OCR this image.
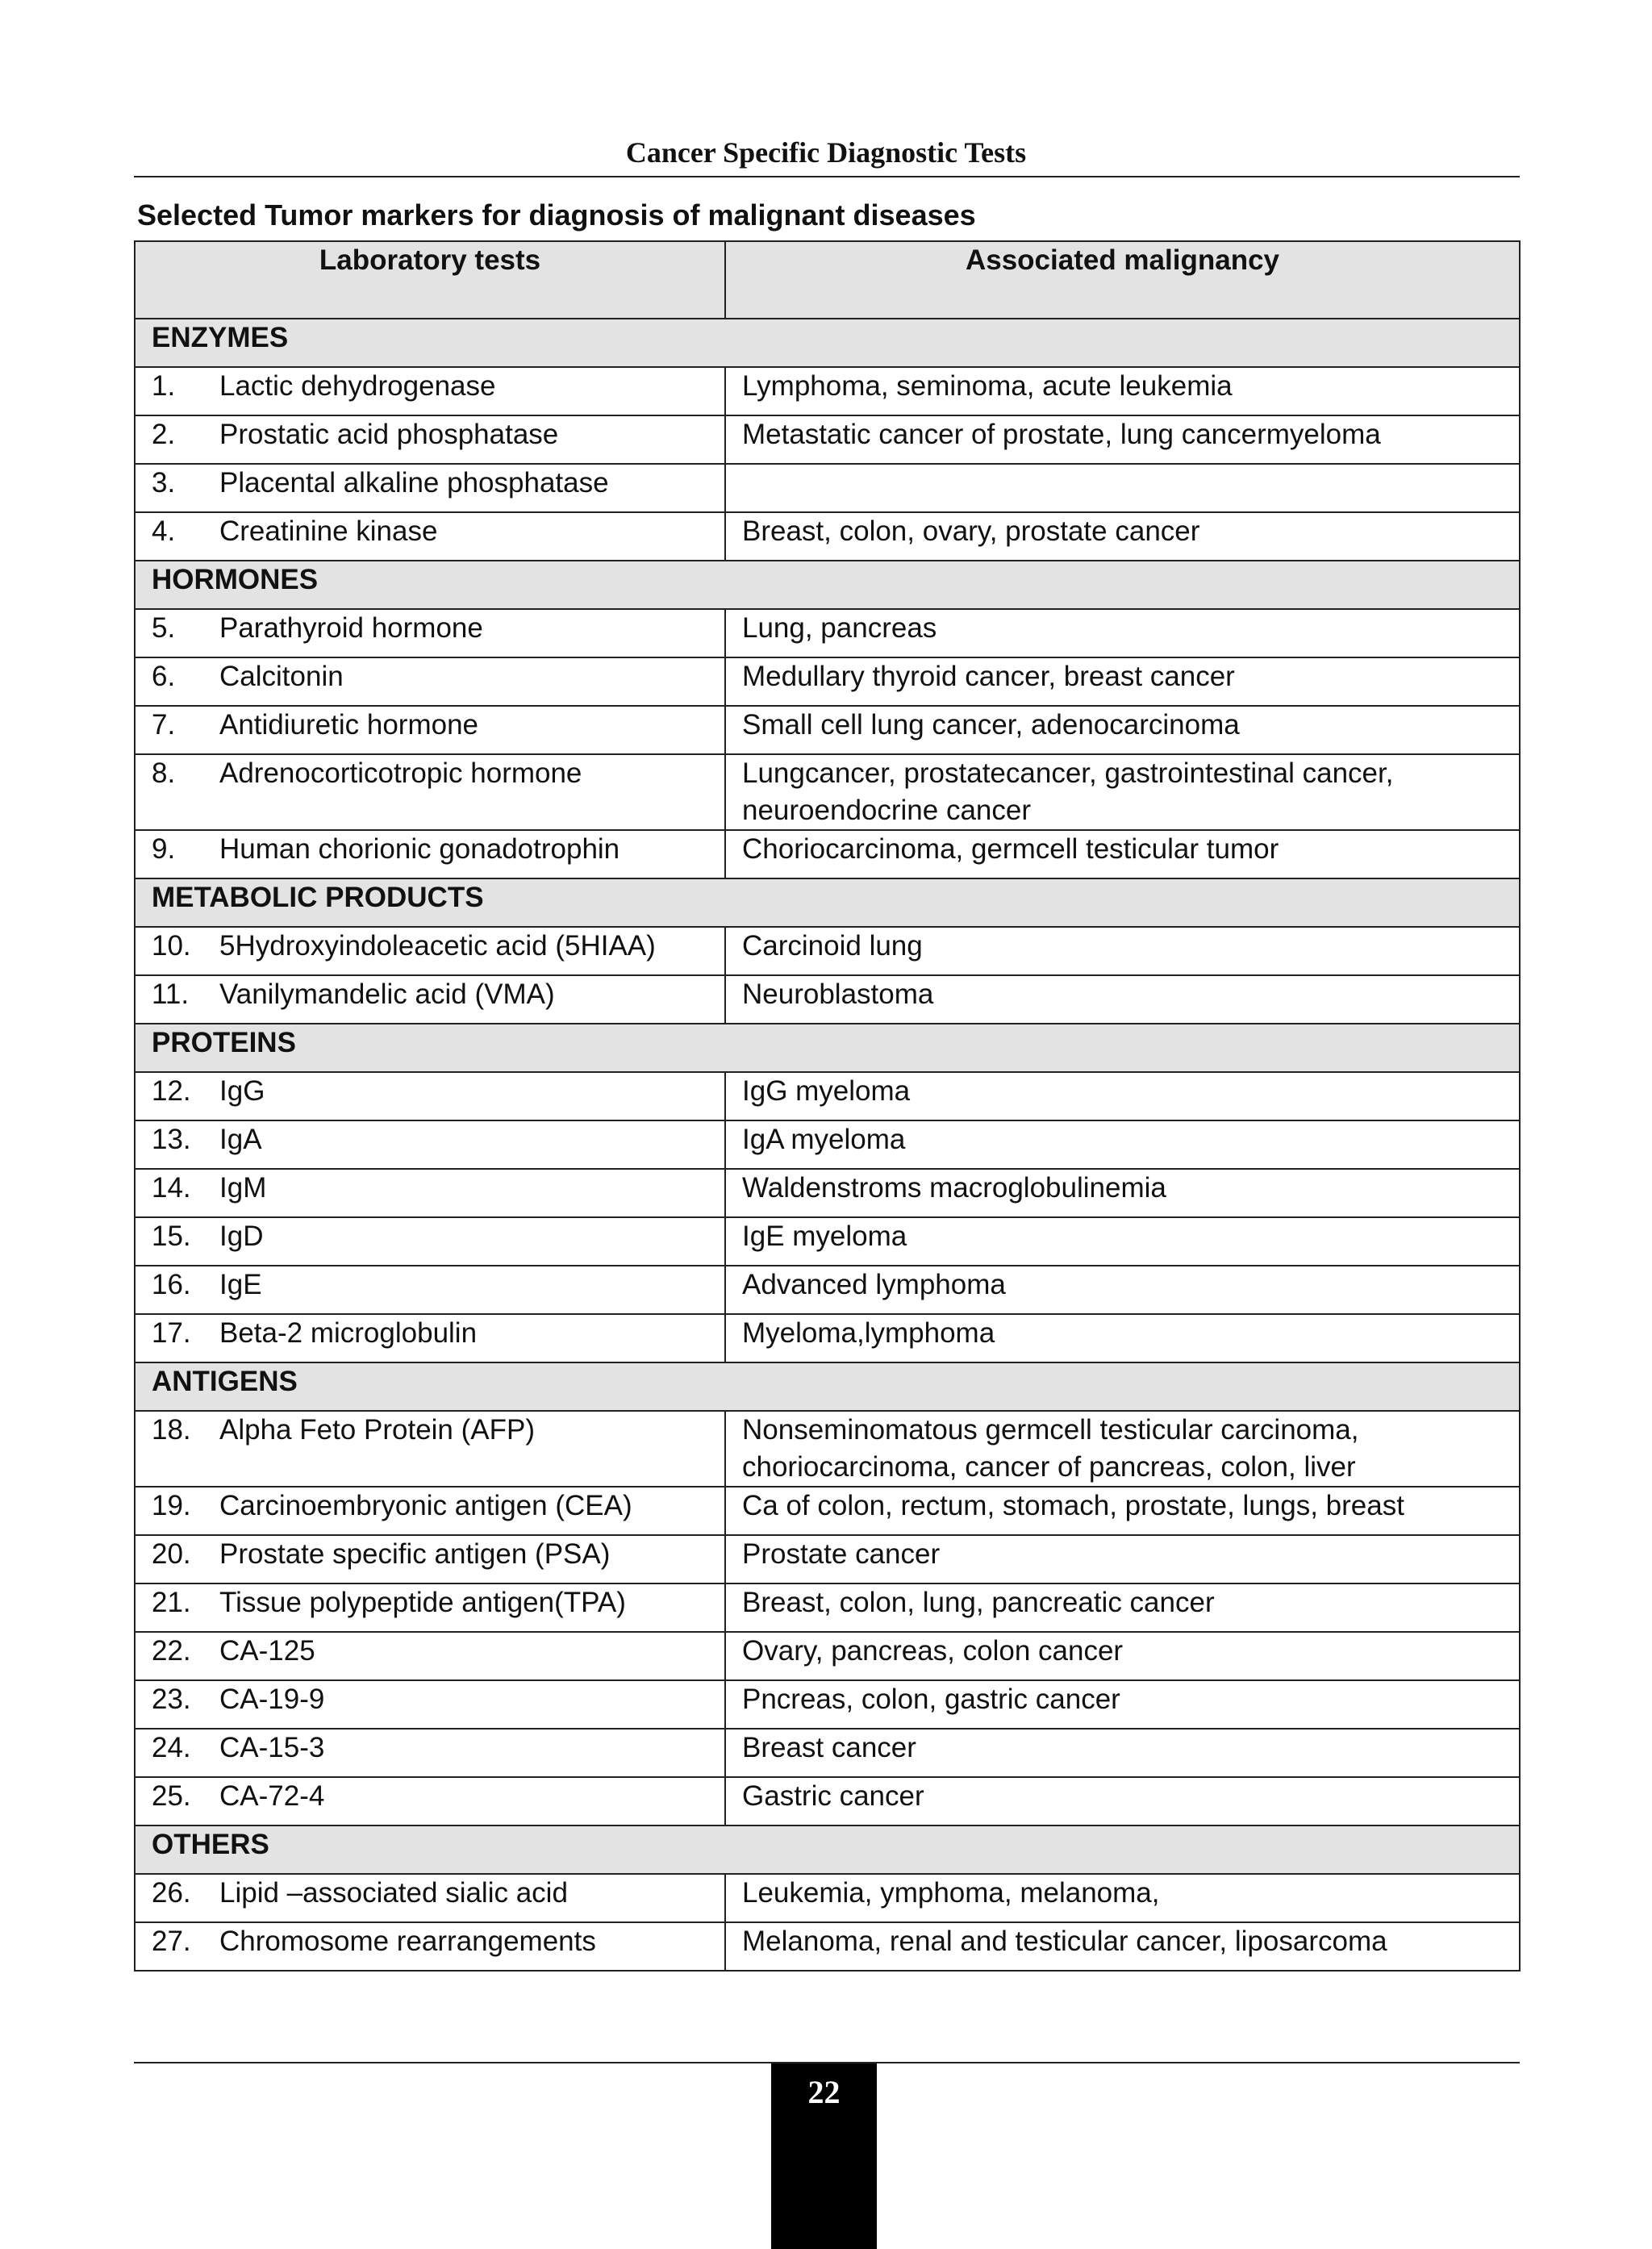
Cancer Specific Diagnostic Tests
Selected Tumor markers for diagnosis of malignant diseases
Laboratory tests	Associated malignancy
ENZYMES	
1. Lactic dehydrogenase	Lymphoma, seminoma, acute leukemia
2. Prostatic acid phosphatase	Metastatic cancer of prostate, lung cancermyeloma
3. Placental alkaline phosphatase	
4. Creatinine kinase	Breast, colon, ovary, prostate cancer
HORMONES	
5. Parathyroid hormone	Lung, pancreas
6. Calcitonin	Medullary thyroid cancer, breast cancer
7. Antidiuretic hormone	Small cell lung cancer, adenocarcinoma
8. Adrenocorticotropic hormone	Lungcancer, prostatecancer, gastrointestinal cancer, neuroendocrine cancer
9. Human chorionic gonadotrophin	Choriocarcinoma, germcell testicular tumor
METABOLIC PRODUCTS	
10. 5Hydroxyindoleacetic acid (5HIAA)	Carcinoid lung
11. Vanilymandelic acid (VMA)	Neuroblastoma
PROTEINS	
12. IgG	IgG myeloma
13. IgA	IgA myeloma
14. IgM	Waldenstroms macroglobulinemia
15. IgD	IgE myeloma
16. IgE	Advanced lymphoma
17. Beta-2 microglobulin	Myeloma,lymphoma
ANTIGENS	
18. Alpha Feto Protein (AFP)	Nonseminomatous germcell testicular carcinoma, choriocarcinoma, cancer of pancreas, colon, liver
19. Carcinoembryonic antigen (CEA)	Ca of colon, rectum, stomach, prostate, lungs, breast
20. Prostate specific antigen (PSA)	Prostate cancer
21. Tissue polypeptide antigen(TPA)	Breast, colon, lung, pancreatic cancer
22. CA-125	Ovary, pancreas, colon cancer
23. CA-19-9	Pncreas, colon, gastric cancer
24. CA-15-3	Breast cancer
25. CA-72-4	Gastric cancer
OTHERS	
26. Lipid –associated sialic acid	Leukemia, ymphoma, melanoma,
27. Chromosome rearrangements	Melanoma, renal and testicular cancer, liposarcoma
22
